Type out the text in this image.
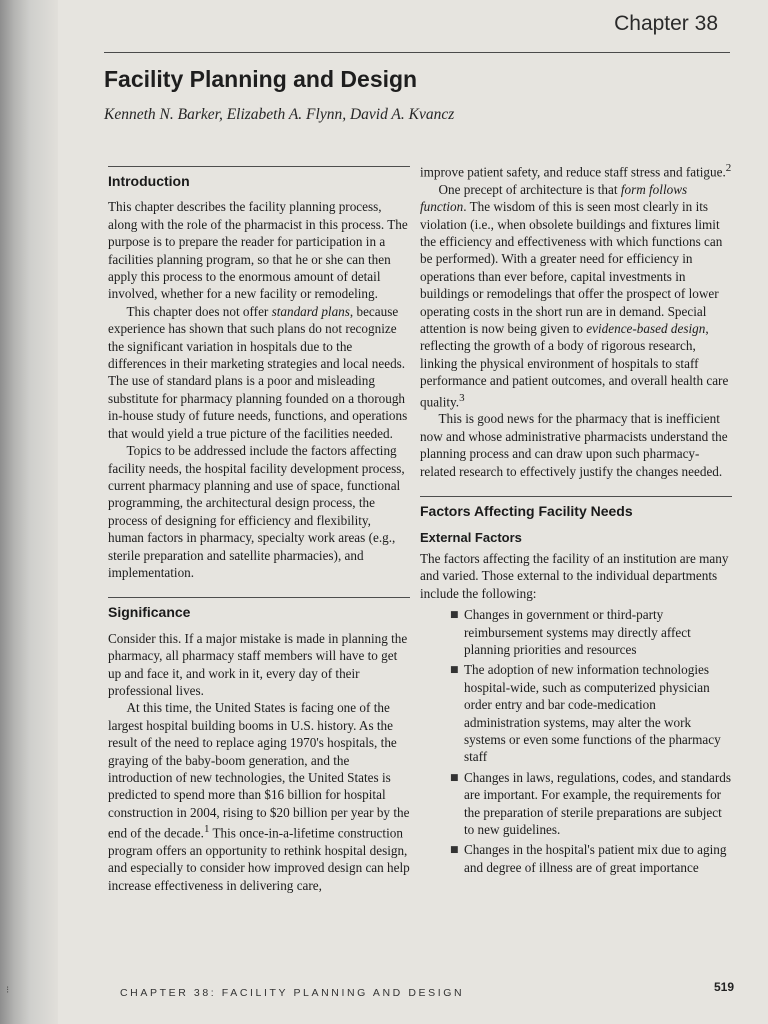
⁝
Chapter 38
Facility Planning and Design
Kenneth N. Barker, Elizabeth A. Flynn, David A. Kvancz
Introduction

This chapter describes the facility planning process, along with the role of the pharmacist in this process. The purpose is to prepare the reader for participation in a facilities planning program, so that he or she can then apply this process to the enormous amount of detail involved, whether for a new facility or remodeling.

This chapter does not offer standard plans, because experience has shown that such plans do not recognize the significant variation in hospitals due to the differences in their marketing strategies and local needs. The use of standard plans is a poor and misleading substitute for pharmacy planning founded on a thorough in-house study of future needs, functions, and operations that would yield a true picture of the facilities needed.

Topics to be addressed include the factors affecting facility needs, the hospital facility development process, current pharmacy planning and use of space, functional programming, the architectural design process, the process of designing for efficiency and flexibility, human factors in pharmacy, specialty work areas (e.g., sterile preparation and satellite pharmacies), and implementation.

Significance

Consider this. If a major mistake is made in planning the pharmacy, all pharmacy staff members will have to get up and face it, and work in it, every day of their professional lives.

At this time, the United States is facing one of the largest hospital building booms in U.S. history. As the result of the need to replace aging 1970's hospitals, the graying of the baby-boom generation, and the introduction of new technologies, the United States is predicted to spend more than $16 billion for hospital construction in 2004, rising to $20 billion per year by the end of the decade.$^1$ This once-in-a-lifetime construction program offers an opportunity to rethink hospital design, and especially to consider how improved design can help increase effectiveness in delivering care,

improve patient safety, and reduce staff stress and fatigue.$^2$

One precept of architecture is that form follows function. The wisdom of this is seen most clearly in its violation (i.e., when obsolete buildings and fixtures limit the efficiency and effectiveness with which functions can be performed). With a greater need for efficiency in operations than ever before, capital investments in buildings or remodelings that offer the prospect of lower operating costs in the short run are in demand. Special attention is now being given to evidence-based design, reflecting the growth of a body of rigorous research, linking the physical environment of hospitals to staff performance and patient outcomes, and overall health care quality.$^3$

This is good news for the pharmacy that is inefficient now and whose administrative pharmacists understand the planning process and can draw upon such pharmacy-related research to effectively justify the changes needed.

Factors Affecting Facility Needs
External Factors

The factors affecting the facility of an institution are many and varied. Those external to the individual departments include the following:

■ Changes in government or third-party reimbursement systems may directly affect planning priorities and resources
■ The adoption of new information technologies hospital-wide, such as computerized physician order entry and bar code-medication administration systems, may alter the work systems or even some functions of the pharmacy staff
■ Changes in laws, regulations, codes, and standards are important. For example, the requirements for the preparation of sterile preparations are subject to new guidelines.
■ Changes in the hospital's patient mix due to aging and degree of illness are of great importance
CHAPTER 38: FACILITY PLANNING AND DESIGN	519
